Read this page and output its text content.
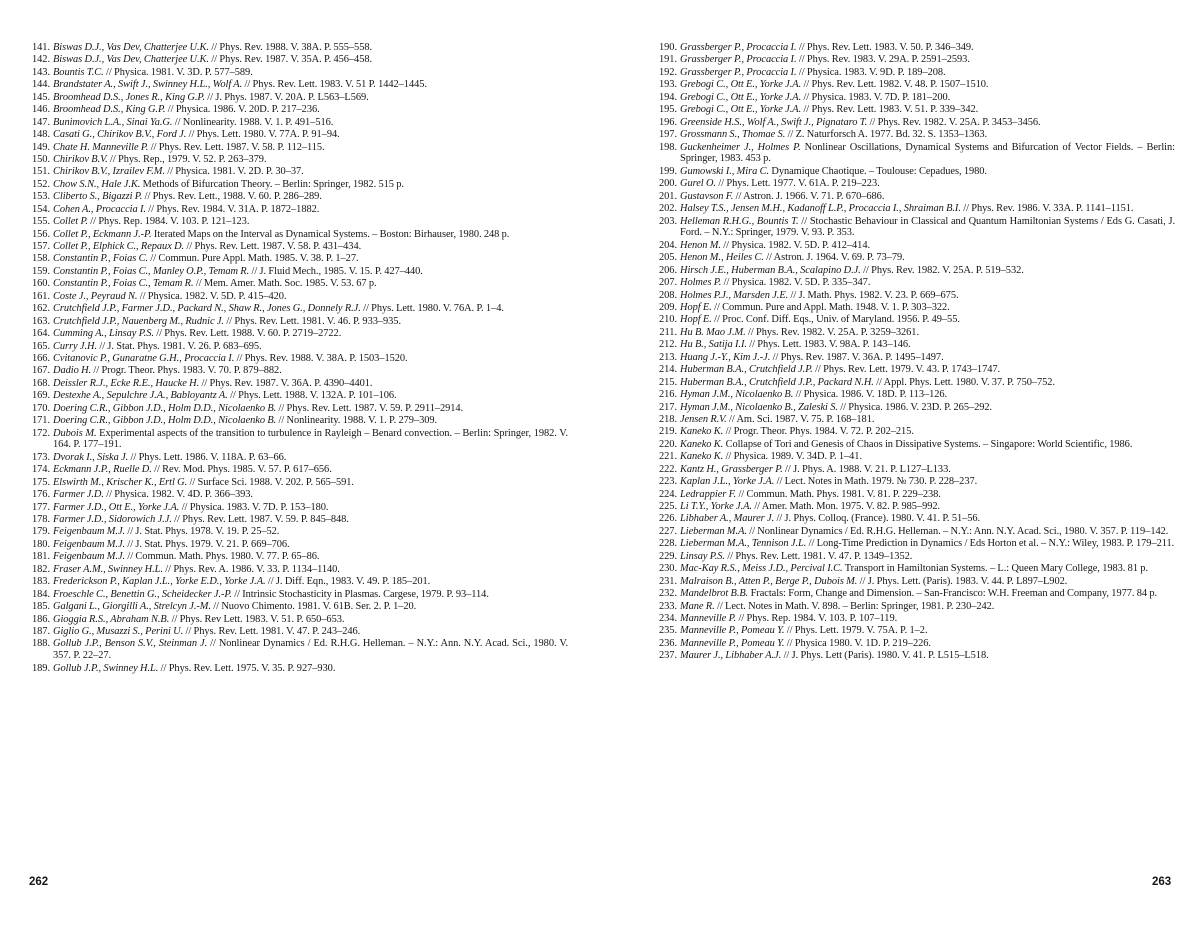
141. Biswas D.J., Vas Dev, Chatterjee U.K. // Phys. Rev. 1988. V. 38A. P. 555–558.

142. Biswas D.J., Vas Dev, Chatterjee U.K. // Phys. Rev. 1987. V. 35A. P. 456–458.

143. Bountis T.C. // Physica. 1981. V. 3D. P. 577–589.

144. Brandstater A., Swift J., Swinney H.L., Wolf A. // Phys. Rev. Lett. 1983. V. 51 P. 1442–1445.

145. Broomhead D.S., Jones R., King G.P. // J. Phys. 1987. V. 20A. P. L563–L569.

146. Broomhead D.S., King G.P. // Physica. 1986. V. 20D. P. 217–236.

147. Bunimovich L.A., Sinai Ya.G. // Nonlinearity. 1988. V. 1. P. 491–516.

148. Casati G., Chirikov B.V., Ford J. // Phys. Lett. 1980. V. 77A. P. 91–94.

149. Chate H. Manneville P. // Phys. Rev. Lett. 1987. V. 58. P. 112–115.

150. Chirikov B.V. // Phys. Rep., 1979. V. 52. P. 263–379.

151. Chirikov B.V., Izrailev F.M. // Physica. 1981. V. 2D. P. 30–37.

152. Chow S.N., Hale J.K. Methods of Bifurcation Theory. – Berlin: Springer, 1982. 515 p.

153. Cliberto S., Bigazzi P. // Phys. Rev. Lett., 1988. V. 60. P. 286–289.

154. Cohen A., Procaccia I. // Phys. Rev. 1984. V. 31A. P. 1872–1882.

155. Collet P. // Phys. Rep. 1984. V. 103. P. 121–123.

156. Collet P., Eckmann J.-P. Iterated Maps on the Interval as Dynamical Systems. – Boston: Birhauser, 1980. 248 p.

157. Collet P., Elphick C., Repaux D. // Phys. Rev. Lett. 1987. V. 58. P. 431–434.

158. Constantin P., Foias C. // Commun. Pure Appl. Math. 1985. V. 38. P. 1–27.

159. Constantin P., Foias C., Manley O.P., Temam R. // J. Fluid Mech., 1985. V. 15. P. 427–440.

160. Constantin P., Foias C., Temam R. // Mem. Amer. Math. Soc. 1985. V. 53. 67 p.

161. Coste J., Peyraud N. // Physica. 1982. V. 5D. P. 415–420.

162. Crutchfield J.P., Farmer J.D., Packard N., Shaw R., Jones G., Donnely R.J. // Phys. Lett. 1980. V. 76A. P. 1–4.

163. Crutchfield J.P., Nauenberg M., Rudnic J. // Phys. Rev. Lett. 1981. V. 46. P. 933–935.

164. Cumming A., Linsay P.S. // Phys. Rev. Lett. 1988. V. 60. P. 2719–2722.

165. Curry J.H. // J. Stat. Phys. 1981. V. 26. P. 683–695.

166. Cvitanovic P., Gunaratne G.H., Procaccia I. // Phys. Rev. 1988. V. 38A. P. 1503–1520.

167. Dadio H. // Progr. Theor. Phys. 1983. V. 70. P. 879–882.

168. Deissler R.J., Ecke R.E., Haucke H. // Phys. Rev. 1987. V. 36A. P. 4390–4401.

169. Destexhe A., Sepulchre J.A., Babloyantz A. // Phys. Lett. 1988. V. 132A. P. 101–106.

170. Doering C.R., Gibbon J.D., Holm D.D., Nicolaenko B. // Phys. Rev. Lett. 1987. V. 59. P. 2911–2914.

171. Doering C.R., Gibbon J.D., Holm D.D., Nicolaenko B. // Nonlinearity. 1988. V. 1. P. 279–309.

172. Dubois M. Experimental aspects of the transition to turbulence in Rayleigh – Benard convection. – Berlin: Springer, 1982. V. 164. P. 177–191.

173. Dvorak I., Siska J. // Phys. Lett. 1986. V. 118A. P. 63–66.

174. Eckmann J.P., Ruelle D. // Rev. Mod. Phys. 1985. V. 57. P. 617–656.

175. Elswirth M., Krischer K., Ertl G. // Surface Sci. 1988. V. 202. P. 565–591.

176. Farmer J.D. // Physica. 1982. V. 4D. P. 366–393.

177. Farmer J.D., Ott E., Yorke J.A. // Physica. 1983. V. 7D. P. 153–180.

178. Farmer J.D., Sidorowich J.J. // Phys. Rev. Lett. 1987. V. 59. P. 845–848.

179. Feigenbaum M.J. // J. Stat. Phys. 1978. V. 19. P. 25–52.

180. Feigenbaum M.J. // J. Stat. Phys. 1979. V. 21. P. 669–706.

181. Feigenbaum M.J. // Commun. Math. Phys. 1980. V. 77. P. 65–86.

182. Fraser A.M., Swinney H.L. // Phys. Rev. A. 1986. V. 33. P. 1134–1140.

183. Frederickson P., Kaplan J.L., Yorke E.D., Yorke J.A. // J. Diff. Eqn., 1983. V. 49. P. 185–201.

184. Froeschle C., Benettin G., Scheidecker J.-P. // Intrinsic Stochasticity in Plasmas. Cargese, 1979. P. 93–114.

185. Galgani L., Giorgilli A., Strelcyn J.-M. // Nuovo Chimento. 1981. V. 61B. Ser. 2. P. 1–20.

186. Gioggia R.S., Abraham N.B. // Phys. Rev Lett. 1983. V. 51. P. 650–653.

187. Giglio G., Musazzi S., Perini U. // Phys. Rev. Lett. 1981. V. 47. P. 243–246.

188. Gollub J.P., Benson S.V., Steinman J. // Nonlinear Dynamics / Ed. R.H.G. Helleman. – N.Y.: Ann. N.Y. Acad. Sci., 1980. V. 357. P. 22–27.

189. Gollub J.P., Swinney H.L. // Phys. Rev. Lett. 1975. V. 35. P. 927–930.

190. Grassberger P., Procaccia I. // Phys. Rev. Lett. 1983. V. 50. P. 346–349.

191. Grassberger P., Procaccia I. // Phys. Rev. 1983. V. 29A. P. 2591–2593.

192. Grassberger P., Procaccia I. // Physica. 1983. V. 9D. P. 189–208.

193. Grebogi C., Ott E., Yorke J.A. // Phys. Rev. Lett. 1982. V. 48. P. 1507–1510.

194. Grebogi C., Ott E., Yorke J.A. // Physica. 1983. V. 7D. P. 181–200.

195. Grebogi C., Ott E., Yorke J.A. // Phys. Rev. Lett. 1983. V. 51. P. 339–342.

196. Greenside H.S., Wolf A., Swift J., Pignataro T. // Phys. Rev. 1982. V. 25A. P. 3453–3456.

197. Grossmann S., Thomae S. // Z. Naturforsch A. 1977. Bd. 32. S. 1353–1363.

198. Guckenheimer J., Holmes P. Nonlinear Oscillations, Dynamical Systems and Bifurcation of Vector Fields. – Berlin: Springer, 1983. 453 p.

199. Gumowski I., Mira C. Dynamique Chaotique. – Toulouse: Cepadues, 1980.

200. Gurel O. // Phys. Lett. 1977. V. 61A. P. 219–223.

201. Gustavson F. // Astron. J. 1966. V. 71. P. 670–686.

202. Halsey T.S., Jensen M.H., Kadanoff L.P., Procaccia I., Shraiman B.I. // Phys. Rev. 1986. V. 33A. P. 1141–1151.

203. Helleman R.H.G., Bountis T. // Stochastic Behaviour in Classical and Quantum Hamiltonian Systems / Eds G. Casati, J. Ford. – N.Y.: Springer, 1979. V. 93. P. 353.

204. Henon M. // Physica. 1982. V. 5D. P. 412–414.

205. Henon M., Heiles C. // Astron. J. 1964. V. 69. P. 73–79.

206. Hirsch J.E., Huberman B.A., Scalapino D.J. // Phys. Rev. 1982. V. 25A. P. 519–532.

207. Holmes P. // Physica. 1982. V. 5D. P. 335–347.

208. Holmes P.J., Marsden J.E. // J. Math. Phys. 1982. V. 23. P. 669–675.

209. Hopf E. // Commun. Pure and Appl. Math. 1948. V. 1. P. 303–322.

210. Hopf E. // Proc. Conf. Diff. Eqs., Univ. of Maryland. 1956. P. 49–55.

211. Hu B. Mao J.M. // Phys. Rev. 1982. V. 25A. P. 3259–3261.

212. Hu B., Satija I.I. // Phys. Lett. 1983. V. 98A. P. 143–146.

213. Huang J.-Y., Kim J.-J. // Phys. Rev. 1987. V. 36A. P. 1495–1497.

214. Huberman B.A., Crutchfield J.P. // Phys. Rev. Lett. 1979. V. 43. P. 1743–1747.

215. Huberman B.A., Crutchfield J.P., Packard N.H. // Appl. Phys. Lett. 1980. V. 37. P. 750–752.

216. Hyman J.M., Nicolaenko B. // Physica. 1986. V. 18D. P. 113–126.

217. Hyman J.M., Nicolaenko B., Zaleski S. // Physica. 1986. V. 23D. P. 265–292.

218. Jensen R.V. // Am. Sci. 1987. V. 75. P. 168–181.

219. Kaneko K. // Progr. Theor. Phys. 1984. V. 72. P. 202–215.

220. Kaneko K. Collapse of Tori and Genesis of Chaos in Dissipative Systems. – Singapore: World Scientific, 1986.

221. Kaneko K. // Physica. 1989. V. 34D. P. 1–41.

222. Kantz H., Grassberger P. // J. Phys. A. 1988. V. 21. P. L127–L133.

223. Kaplan J.L., Yorke J.A. // Lect. Notes in Math. 1979. № 730. P. 228–237.

224. Ledrappier F. // Commun. Math. Phys. 1981. V. 81. P. 229–238.

225. Li T.Y., Yorke J.A. // Amer. Math. Mon. 1975. V. 82. P. 985–992.

226. Libhaber A., Maurer J. // J. Phys. Colloq. (France). 1980. V. 41. P. 51–56.

227. Lieberman M.A. // Nonlinear Dynamics / Ed. R.H.G. Helleman. – N.Y.: Ann. N.Y. Acad. Sci., 1980. V. 357. P. 119–142.

228. Lieberman M.A., Tennison J.L. // Long-Time Prediction in Dynamics / Eds Horton et al. – N.Y.: Wiley, 1983. P. 179–211.

229. Linsay P.S. // Phys. Rev. Lett. 1981. V. 47. P. 1349–1352.

230. Mac-Kay R.S., Meiss J.D., Percival I.C. Transport in Hamiltonian Systems. – L.: Queen Mary College, 1983. 81 p.

231. Malraison B., Atten P., Berge P., Dubois M. // J. Phys. Lett. (Paris). 1983. V. 44. P. L897–L902.

232. Mandelbrot B.B. Fractals: Form, Change and Dimension. – San-Francisco: W.H. Freeman and Company, 1977. 84 p.

233. Mane R. // Lect. Notes in Math. V. 898. – Berlin: Springer, 1981. P. 230–242.

234. Manneville P. // Phys. Rep. 1984. V. 103. P. 107–119.

235. Manneville P., Pomeau Y. // Phys. Lett. 1979. V. 75A. P. 1–2.

236. Manneville P., Pomeau Y. // Physica 1980. V. 1D. P. 219–226.

237. Maurer J., Libhaber A.J. // J. Phys. Lett (Paris). 1980. V. 41. P. L515–L518.

262	263
